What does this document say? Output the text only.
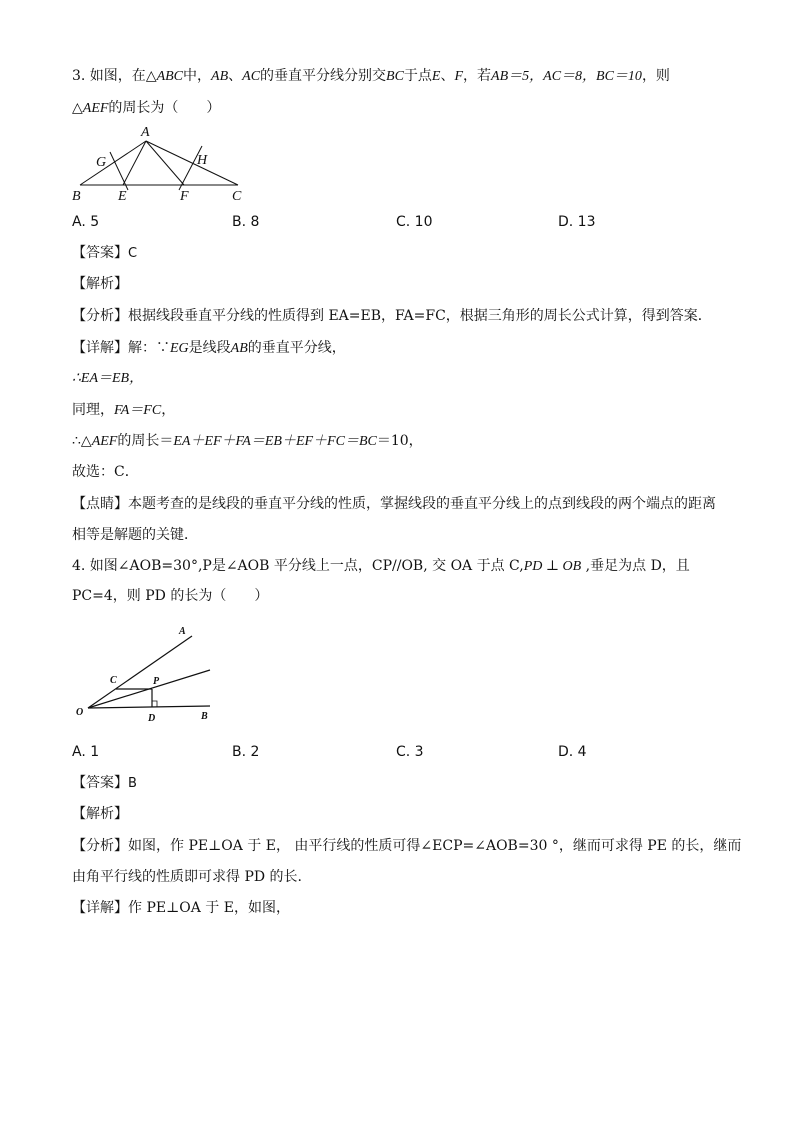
3. 如图，在△ABC中，AB、AC的垂直平分线分别交BC于点E、F，若AB＝5，AC＝8，BC＝10，则
△AEF的周长为（　　）
A
B	C
E	F
G	H
A. 5	B. 8	C. 10	D. 13
【答案】C
【解析】
【分析】根据线段垂直平分线的性质得到 EA=EB，FA=FC，根据三角形的周长公式计算，得到答案．
【详解】解：∵EG是线段AB的垂直平分线，
∴EA＝EB，
同理，FA＝FC，
∴△AEF的周长＝EA＋EF＋FA＝EB＋EF＋FC＝BC＝10，
故选：C．
【点睛】本题考查的是线段的垂直平分线的性质，掌握线段的垂直平分线上的点到线段的两个端点的距离
相等是解题的关键．
4. 如图∠AOB=30°,P是∠AOB 平分线上一点，CP//OB, 交 OA 于点 C,PD ⊥ OB ,垂足为点 D，且
PC=4，则 PD 的长为（　　）
A
B
C
D
O
P
A. 1	B. 2	C. 3	D. 4
【答案】B
【解析】
【分析】如图，作 PE⊥OA 于 E， 由平行线的性质可得∠ECP=∠AOB=30 °，继而可求得 PE 的长，继而
由角平行线的性质即可求得 PD 的长.
【详解】作 PE⊥OA 于 E，如图，
